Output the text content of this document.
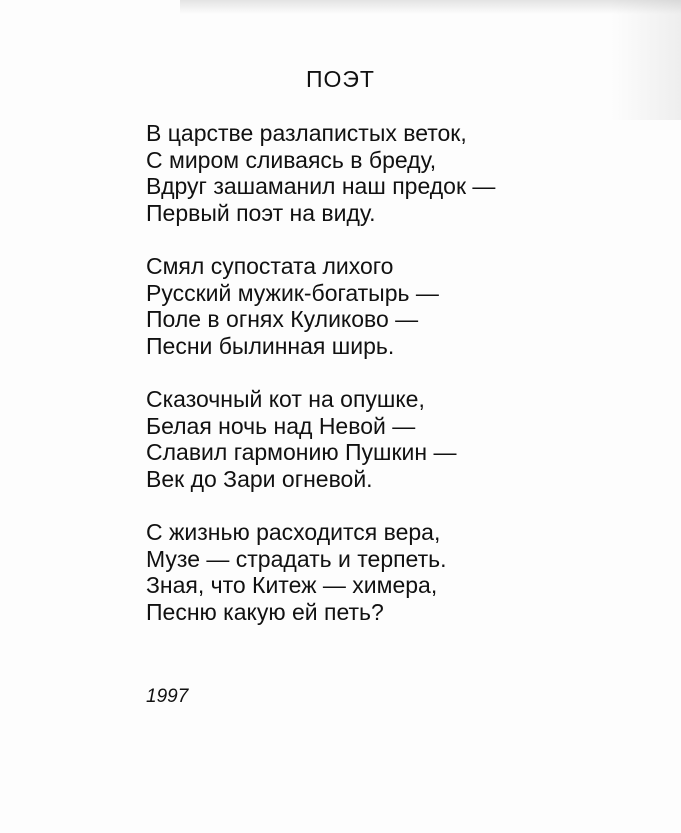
ПОЭТ
В царстве разлапистых веток,
С миром сливаясь в бреду,
Вдруг зашаманил наш предок —
Первый поэт на виду.
Смял супостата лихого
Русский мужик-богатырь —
Поле в огнях Куликово —
Песни былинная ширь.
Сказочный кот на опушке,
Белая ночь над Невой —
Славил гармонию Пушкин —
Век до Зари огневой.
С жизнью расходится вера,
Музе — страдать и терпеть.
Зная, что Китеж — химера,
Песню какую ей петь?
1997
